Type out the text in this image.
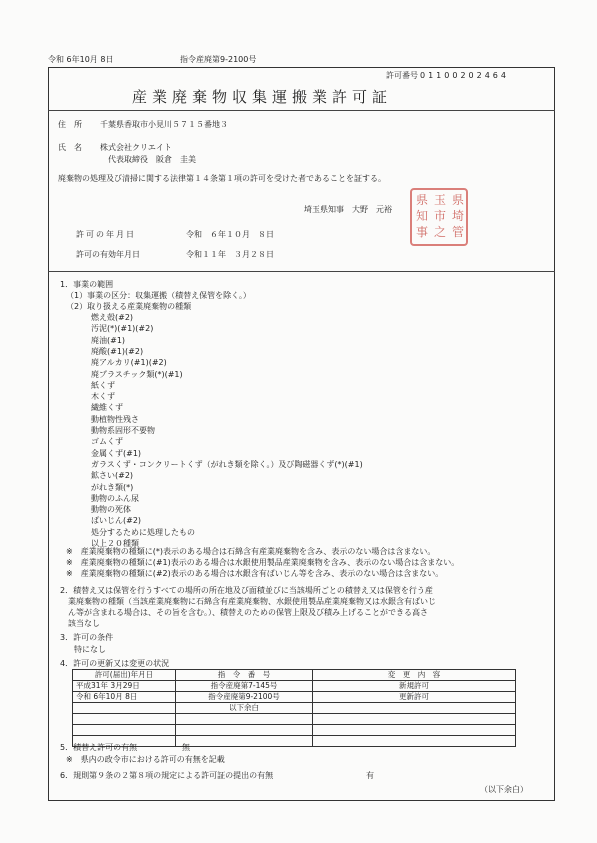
令和 6年10月 8日	指令産廃第9-2100号
許可番号 01100202464
産業廃棄物収集運搬業許可証
住　所 千葉県香取市小見川５７１５番地３
氏　名 株式会社クリエイト
代表取締役　阪倉　圭美
廃棄物の処理及び清掃に関する法律第１４条第１項の許可を受けた者であることを証する。
埼玉県知事　大野　元裕
県
埼
管
玉
市
之
県
知
事
許可の年月日	令和　６年１０月　８日
許可の有効年月日	令和１１年　３月２８日
1．事業の範囲
（1）事業の区分：収集運搬（積替え保管を除く。）
（2）取り扱える産業廃棄物の種類
燃え殻(#2)
汚泥(*)(#1)(#2)
廃油(#1)
廃酸(#1)(#2)
廃アルカリ(#1)(#2)
廃プラスチック類(*)(#1)
紙くず
木くず
繊維くず
動植物性残さ
動物系固形不要物
ゴムくず
金属くず(#1)
ガラスくず・コンクリートくず（がれき類を除く。）及び陶磁器くず(*)(#1)
鉱さい(#2)
がれき類(*)
動物のふん尿
動物の死体
ばいじん(#2)
処分するために処理したもの
以上２０種類
※　産業廃棄物の種類に(*)表示のある場合は石綿含有産業廃棄物を含み、表示のない場合は含まない。
※　産業廃棄物の種類に(#1)表示のある場合は水銀使用製品産業廃棄物を含み、表示のない場合は含まない。
※　産業廃棄物の種類に(#2)表示のある場合は水銀含有ばいじん等を含み、表示のない場合は含まない。
2．積替え又は保管を行うすべての場所の所在地及び面積並びに当該場所ごとの積替え又は保管を行う産
業廃棄物の種類（当該産業廃棄物に石綿含有産業廃棄物、水銀使用製品産業廃棄物又は水銀含有ばいじ
ん等が含まれる場合は、その旨を含む。）、積替えのための保管上限及び積み上げることができる高さ
該当なし
3．許可の条件
特になし
4．許可の更新又は変更の状況
許可(届出)年月日	指　令　番　号	変　更　内　容
平成31年 3月29日	指令産廃第7-145号	新規許可
令和 6年10月 8日	指令産廃第9-2100号	更新許可
	以下余白	

5．積替え許可の有無	無
※　県内の政令市における許可の有無を記載
6．規則第９条の２第８項の規定による許可証の提出の有無	有
（以下余白）
